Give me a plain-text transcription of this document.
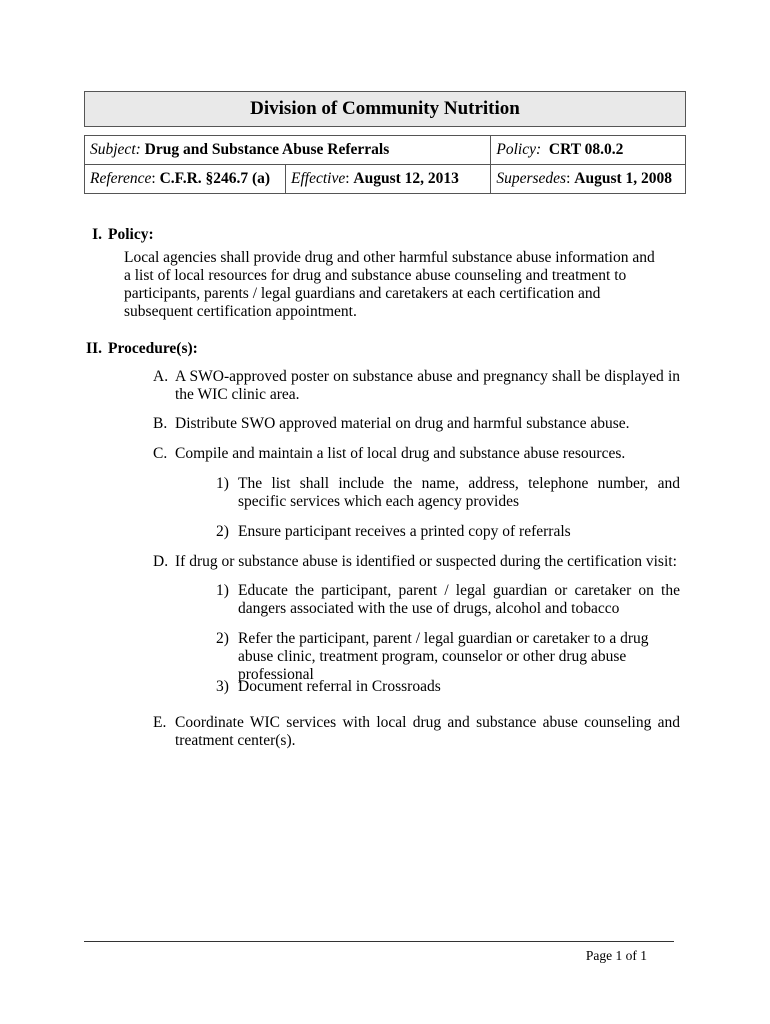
Division of Community Nutrition
Subject: Drug and Substance Abuse Referrals		Policy: CRT 08.0.2
Reference: C.F.R. §246.7 (a)	Effective: August 12, 2013	Supersedes: August 1, 2008
I. Policy:
Local agencies shall provide drug and other harmful substance abuse information and a list of local resources for drug and substance abuse counseling and treatment to participants, parents / legal guardians and caretakers at each certification and subsequent certification appointment.
II. Procedure(s):
A. A SWO-approved poster on substance abuse and pregnancy shall be displayed in the WIC clinic area.
B. Distribute SWO approved material on drug and harmful substance abuse.
C. Compile and maintain a list of local drug and substance abuse resources.
1) The list shall include the name, address, telephone number, and specific services which each agency provides
2) Ensure participant receives a printed copy of referrals
D. If drug or substance abuse is identified or suspected during the certification visit:
1) Educate the participant, parent / legal guardian or caretaker on the dangers associated with the use of drugs, alcohol and tobacco
2) Refer the participant, parent / legal guardian or caretaker to a drug abuse clinic, treatment program, counselor or other drug abuse professional
3) Document referral in Crossroads
E. Coordinate WIC services with local drug and substance abuse counseling and treatment center(s).
Page 1 of 1
